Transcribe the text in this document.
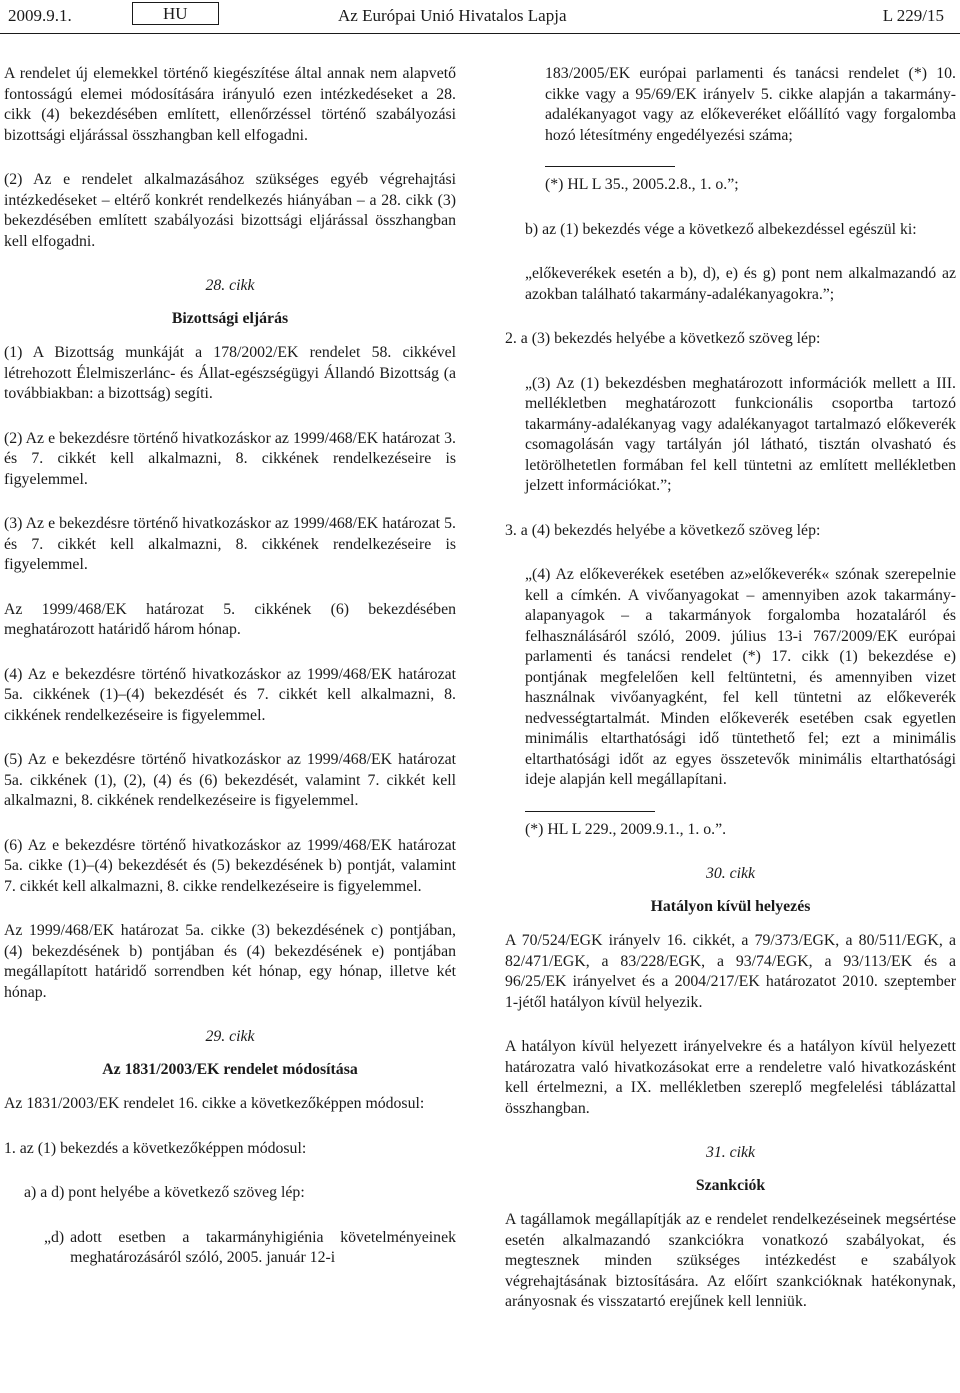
2009.9.1.	HU	Az Európai Unió Hivatalos Lapja	L 229/15

A rendelet új elemekkel történő kiegészítése által annak nem alapvető fontosságú elemei módosítására irányuló ezen intézkedéseket a 28. cikk (4) bekezdésében említett, ellenőrzéssel történő szabályozási bizottsági eljárással összhangban kell elfogadni.

(2) Az e rendelet alkalmazásához szükséges egyéb végrehajtási intézkedéseket – eltérő konkrét rendelkezés hiányában – a 28. cikk (3) bekezdésében említett szabályozási bizottsági eljárással összhangban kell elfogadni.

28. cikk
Bizottsági eljárás

(1) A Bizottság munkáját a 178/2002/EK rendelet 58. cikkével létrehozott Élelmiszerlánc- és Állat-egészségügyi Állandó Bizottság (a továbbiakban: a bizottság) segíti.

(2) Az e bekezdésre történő hivatkozáskor az 1999/468/EK határozat 3. és 7. cikkét kell alkalmazni, 8. cikkének rendelkezéseire is figyelemmel.

(3) Az e bekezdésre történő hivatkozáskor az 1999/468/EK határozat 5. és 7. cikkét kell alkalmazni, 8. cikkének rendelkezéseire is figyelemmel.

Az 1999/468/EK határozat 5. cikkének (6) bekezdésében meghatározott határidő három hónap.

(4) Az e bekezdésre történő hivatkozáskor az 1999/468/EK határozat 5a. cikkének (1)–(4) bekezdését és 7. cikkét kell alkalmazni, 8. cikkének rendelkezéseire is figyelemmel.

(5) Az e bekezdésre történő hivatkozáskor az 1999/468/EK határozat 5a. cikkének (1), (2), (4) és (6) bekezdését, valamint 7. cikkét kell alkalmazni, 8. cikkének rendelkezéseire is figyelemmel.

(6) Az e bekezdésre történő hivatkozáskor az 1999/468/EK határozat 5a. cikke (1)–(4) bekezdését és (5) bekezdésének b) pontját, valamint 7. cikkét kell alkalmazni, 8. cikke rendelkezéseire is figyelemmel.

Az 1999/468/EK határozat 5a. cikke (3) bekezdésének c) pontjában, (4) bekezdésének b) pontjában és (4) bekezdésének e) pontjában megállapított határidő sorrendben két hónap, egy hónap, illetve két hónap.

29. cikk
Az 1831/2003/EK rendelet módosítása

Az 1831/2003/EK rendelet 16. cikke a következőképpen módosul:

1. az (1) bekezdés a következőképpen módosul:

a) a d) pont helyébe a következő szöveg lép:

„d) adott esetben a takarmányhigiénia követelményeinek meghatározásáról szóló, 2005. január 12-i

183/2005/EK európai parlamenti és tanácsi rendelet (*) 10. cikke vagy a 95/69/EK irányelv 5. cikke alapján a takarmány-adalékanyagot vagy az előkeveréket előállító vagy forgalomba hozó létesítmény engedélyezési száma;

(*) HL L 35., 2005.2.8., 1. o.”;

b) az (1) bekezdés vége a következő albekezdéssel egészül ki:

„előkeverékek esetén a b), d), e) és g) pont nem alkalmazandó az azokban található takarmány-adalékanyagokra.”;

2. a (3) bekezdés helyébe a következő szöveg lép:

„(3) Az (1) bekezdésben meghatározott információk mellett a III. mellékletben meghatározott funkcionális csoportba tartozó takarmány-adalékanyag vagy adalékanyagot tartalmazó előkeverék csomagolásán vagy tartályán jól látható, tisztán olvasható és letörölhetetlen formában fel kell tüntetni az említett mellékletben jelzett információkat.”;

3. a (4) bekezdés helyébe a következő szöveg lép:

„(4) Az előkeverékek esetében az»előkeverék« szónak szerepelnie kell a címkén. A vivőanyagokat – amennyiben azok takarmány-alapanyagok – a takarmányok forgalomba hozataláról és felhasználásáról szóló, 2009. július 13-i 767/2009/EK európai parlamenti és tanácsi rendelet (*) 17. cikk (1) bekezdése e) pontjának megfelelően kell feltüntetni, és amennyiben vizet használnak vivőanyagként, fel kell tüntetni az előkeverék nedvességtartalmát. Minden előkeverék esetében csak egyetlen minimális eltarthatósági idő tüntethető fel; ezt a minimális eltarthatósági időt az egyes összetevők minimális eltarthatósági ideje alapján kell megállapítani.

(*) HL L 229., 2009.9.1., 1. o.”.

30. cikk
Hatályon kívül helyezés

A 70/524/EGK irányelv 16. cikkét, a 79/373/EGK, a 80/511/EGK, a 82/471/EGK, a 83/228/EGK, a 93/74/EGK, a 93/113/EK és a 96/25/EK irányelvet és a 2004/217/EK határozatot 2010. szeptember 1-jétől hatályon kívül helyezik.

A hatályon kívül helyezett irányelvekre és a hatályon kívül helyezett határozatra való hivatkozásokat erre a rendeletre való hivatkozásként kell értelmezni, a IX. mellékletben szereplő megfelelési táblázattal összhangban.

31. cikk
Szankciók

A tagállamok megállapítják az e rendelet rendelkezéseinek megsértése esetén alkalmazandó szankciókra vonatkozó szabályokat, és megtesznek minden szükséges intézkedést e szabályok végrehajtásának biztosítására. Az előírt szankcióknak hatékonynak, arányosnak és visszatartó erejűnek kell lenniük.
